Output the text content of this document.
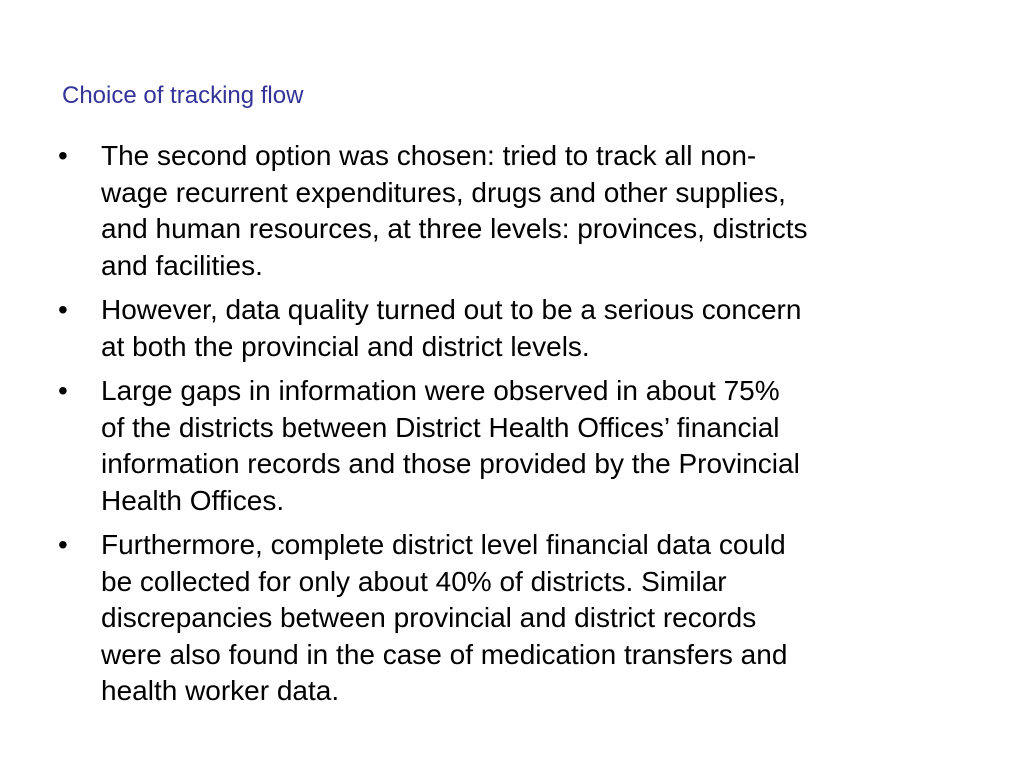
Choice of tracking flow
•	The second option was chosen: tried to track all non-
wage recurrent expenditures, drugs and other supplies,
and human resources, at three levels: provinces, districts
and facilities.
•	However, data quality turned out to be a serious concern
at both the provincial and district levels.
•	Large gaps in information were observed in about 75%
of the districts between District Health Offices’ financial
information records and those provided by the Provincial
Health Offices.
•	Furthermore, complete district level financial data could
be collected for only about 40% of districts. Similar
discrepancies between provincial and district records
were also found in the case of medication transfers and
health worker data.
